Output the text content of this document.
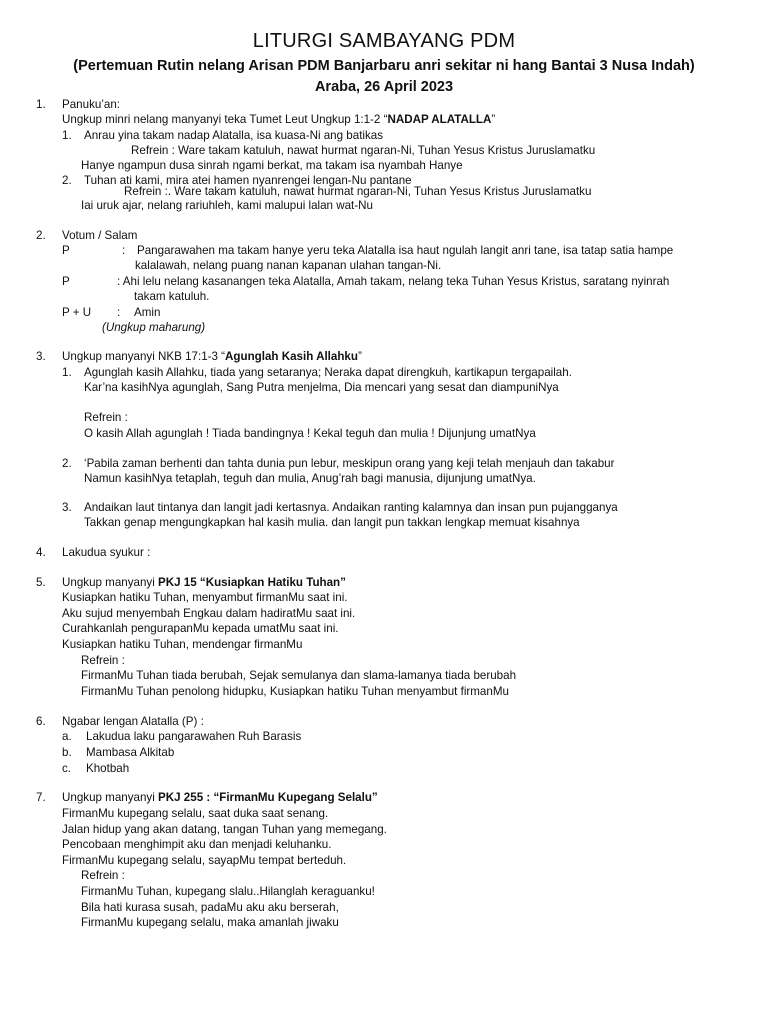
LITURGI SAMBAYANG PDM
(Pertemuan Rutin nelang Arisan PDM Banjarbaru anri sekitar ni hang Bantai 3 Nusa Indah)
Araba, 26 April 2023
1. Panuku’an:
Ungkup minri nelang manyanyi teka Tumet Leut Ungkup 1:1-2 “NADAP ALATALLA”
1. Anrau yina takam nadap Alatalla, isa kuasa-Ni ang batikas
Refrein : Ware takam katuluh, nawat hurmat ngaran-Ni, Tuhan Yesus Kristus Juruslamatku
Hanye ngampun dusa sinrah ngami berkat, ma takam isa nyambah Hanye
2. Tuhan ati kami, mira atei hamen nyanrengei lengan-Nu pantane
Refrein :. Ware takam katuluh, nawat hurmat ngaran-Ni, Tuhan Yesus Kristus Juruslamatku
Iai uruk ajar, nelang rariuhleh, kami malupui lalan wat-Nu
2. Votum / Salam
P	: Pangarawahen ma takam hanye yeru teka Alatalla isa haut ngulah langit anri tane, isa tatap satia hampe
kalalawah, nelang puang nanan kapanan ulahan tangan-Ni.
P	: Ahi lelu nelang kasanangen teka Alatalla, Amah takam, nelang teka Tuhan Yesus Kristus, saratang nyinrah
takam katuluh.
P + U : Amin
(Ungkup maharung)
3. Ungkup manyanyi NKB 17:1-3 “Agunglah Kasih Allahku”
1. Agunglah kasih Allahku, tiada yang setaranya; Neraka dapat direngkuh, kartikapun tergapailah.
Kar’na kasihNya agunglah, Sang Putra menjelma, Dia mencari yang sesat dan diampuniNya
Refrein :
O kasih Allah agunglah ! Tiada bandingnya ! Kekal teguh dan mulia ! Dijunjung umatNya
2. ‘Pabila zaman berhenti dan tahta dunia pun lebur, meskipun orang yang keji telah menjauh dan takabur
Namun kasihNya tetaplah, teguh dan mulia, Anug’rah bagi manusia, dijunjung umatNya.
3. Andaikan laut tintanya dan langit jadi kertasnya. Andaikan ranting kalamnya dan insan pun pujangganya
Takkan genap mengungkapkan hal kasih mulia. dan langit pun takkan lengkap memuat kisahnya
4. Lakudua syukur :
5. Ungkup manyanyi PKJ 15 “Kusiapkan Hatiku Tuhan”
Kusiapkan hatiku Tuhan, menyambut firmanMu saat ini.
Aku sujud menyembah Engkau dalam hadiratMu saat ini.
Curahkanlah pengurapanMu kepada umatMu saat ini.
Kusiapkan hatiku Tuhan, mendengar firmanMu
Refrein :
FirmanMu Tuhan tiada berubah, Sejak semulanya dan slama-lamanya tiada berubah
FirmanMu Tuhan penolong hidupku, Kusiapkan hatiku Tuhan menyambut firmanMu
6. Ngabar lengan Alatalla (P) :
a. Lakudua laku pangarawahen Ruh Barasis
b. Mambasa Alkitab
c. Khotbah
7. Ungkup manyanyi PKJ 255 : “FirmanMu Kupegang Selalu”
FirmanMu kupegang selalu, saat duka saat senang.
Jalan hidup yang akan datang, tangan Tuhan yang memegang.
Pencobaan menghimpit aku dan menjadi keluhanku.
FirmanMu kupegang selalu, sayapMu tempat berteduh.
Refrein :
FirmanMu Tuhan, kupegang slalu..Hilanglah keraguanku!
Bila hati kurasa susah, padaMu aku aku berserah,
FirmanMu kupegang selalu, maka amanlah jiwaku
